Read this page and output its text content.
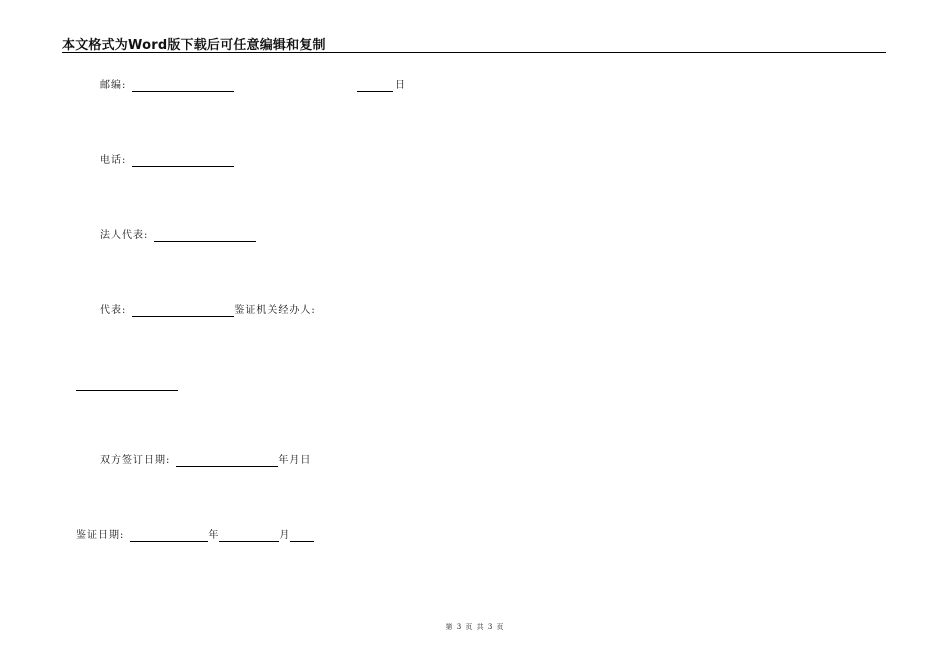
本文格式为Word版下载后可任意编辑和复制
邮编:	日
电话:
法人代表:
代表:	鉴证机关经办人:
双方签订日期:	年月日
鉴证日期:	年	月
第 3 页 共 3 页
